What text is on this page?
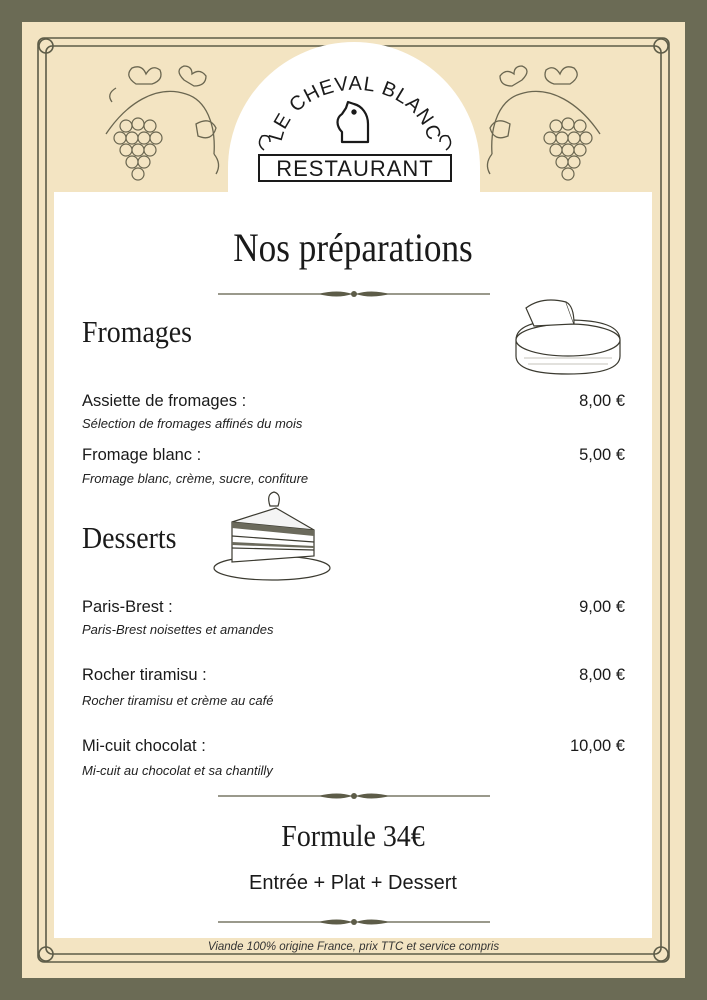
LE CHEVAL BLANC
RESTAURANT
Nos préparations
Fromages
Assiette de fromages :	8,00 €
Sélection de fromages affinés du mois
Fromage blanc :	5,00 €
Fromage blanc, crème, sucre, confiture
Desserts
Paris-Brest :	9,00 €
Paris-Brest noisettes et amandes
Rocher tiramisu :	8,00 €
Rocher tiramisu et crème au café
Mi-cuit chocolat :	10,00 €
Mi-cuit au chocolat et sa chantilly
Formule 34€
Entrée + Plat + Dessert
Viande 100% origine France, prix TTC et service compris
